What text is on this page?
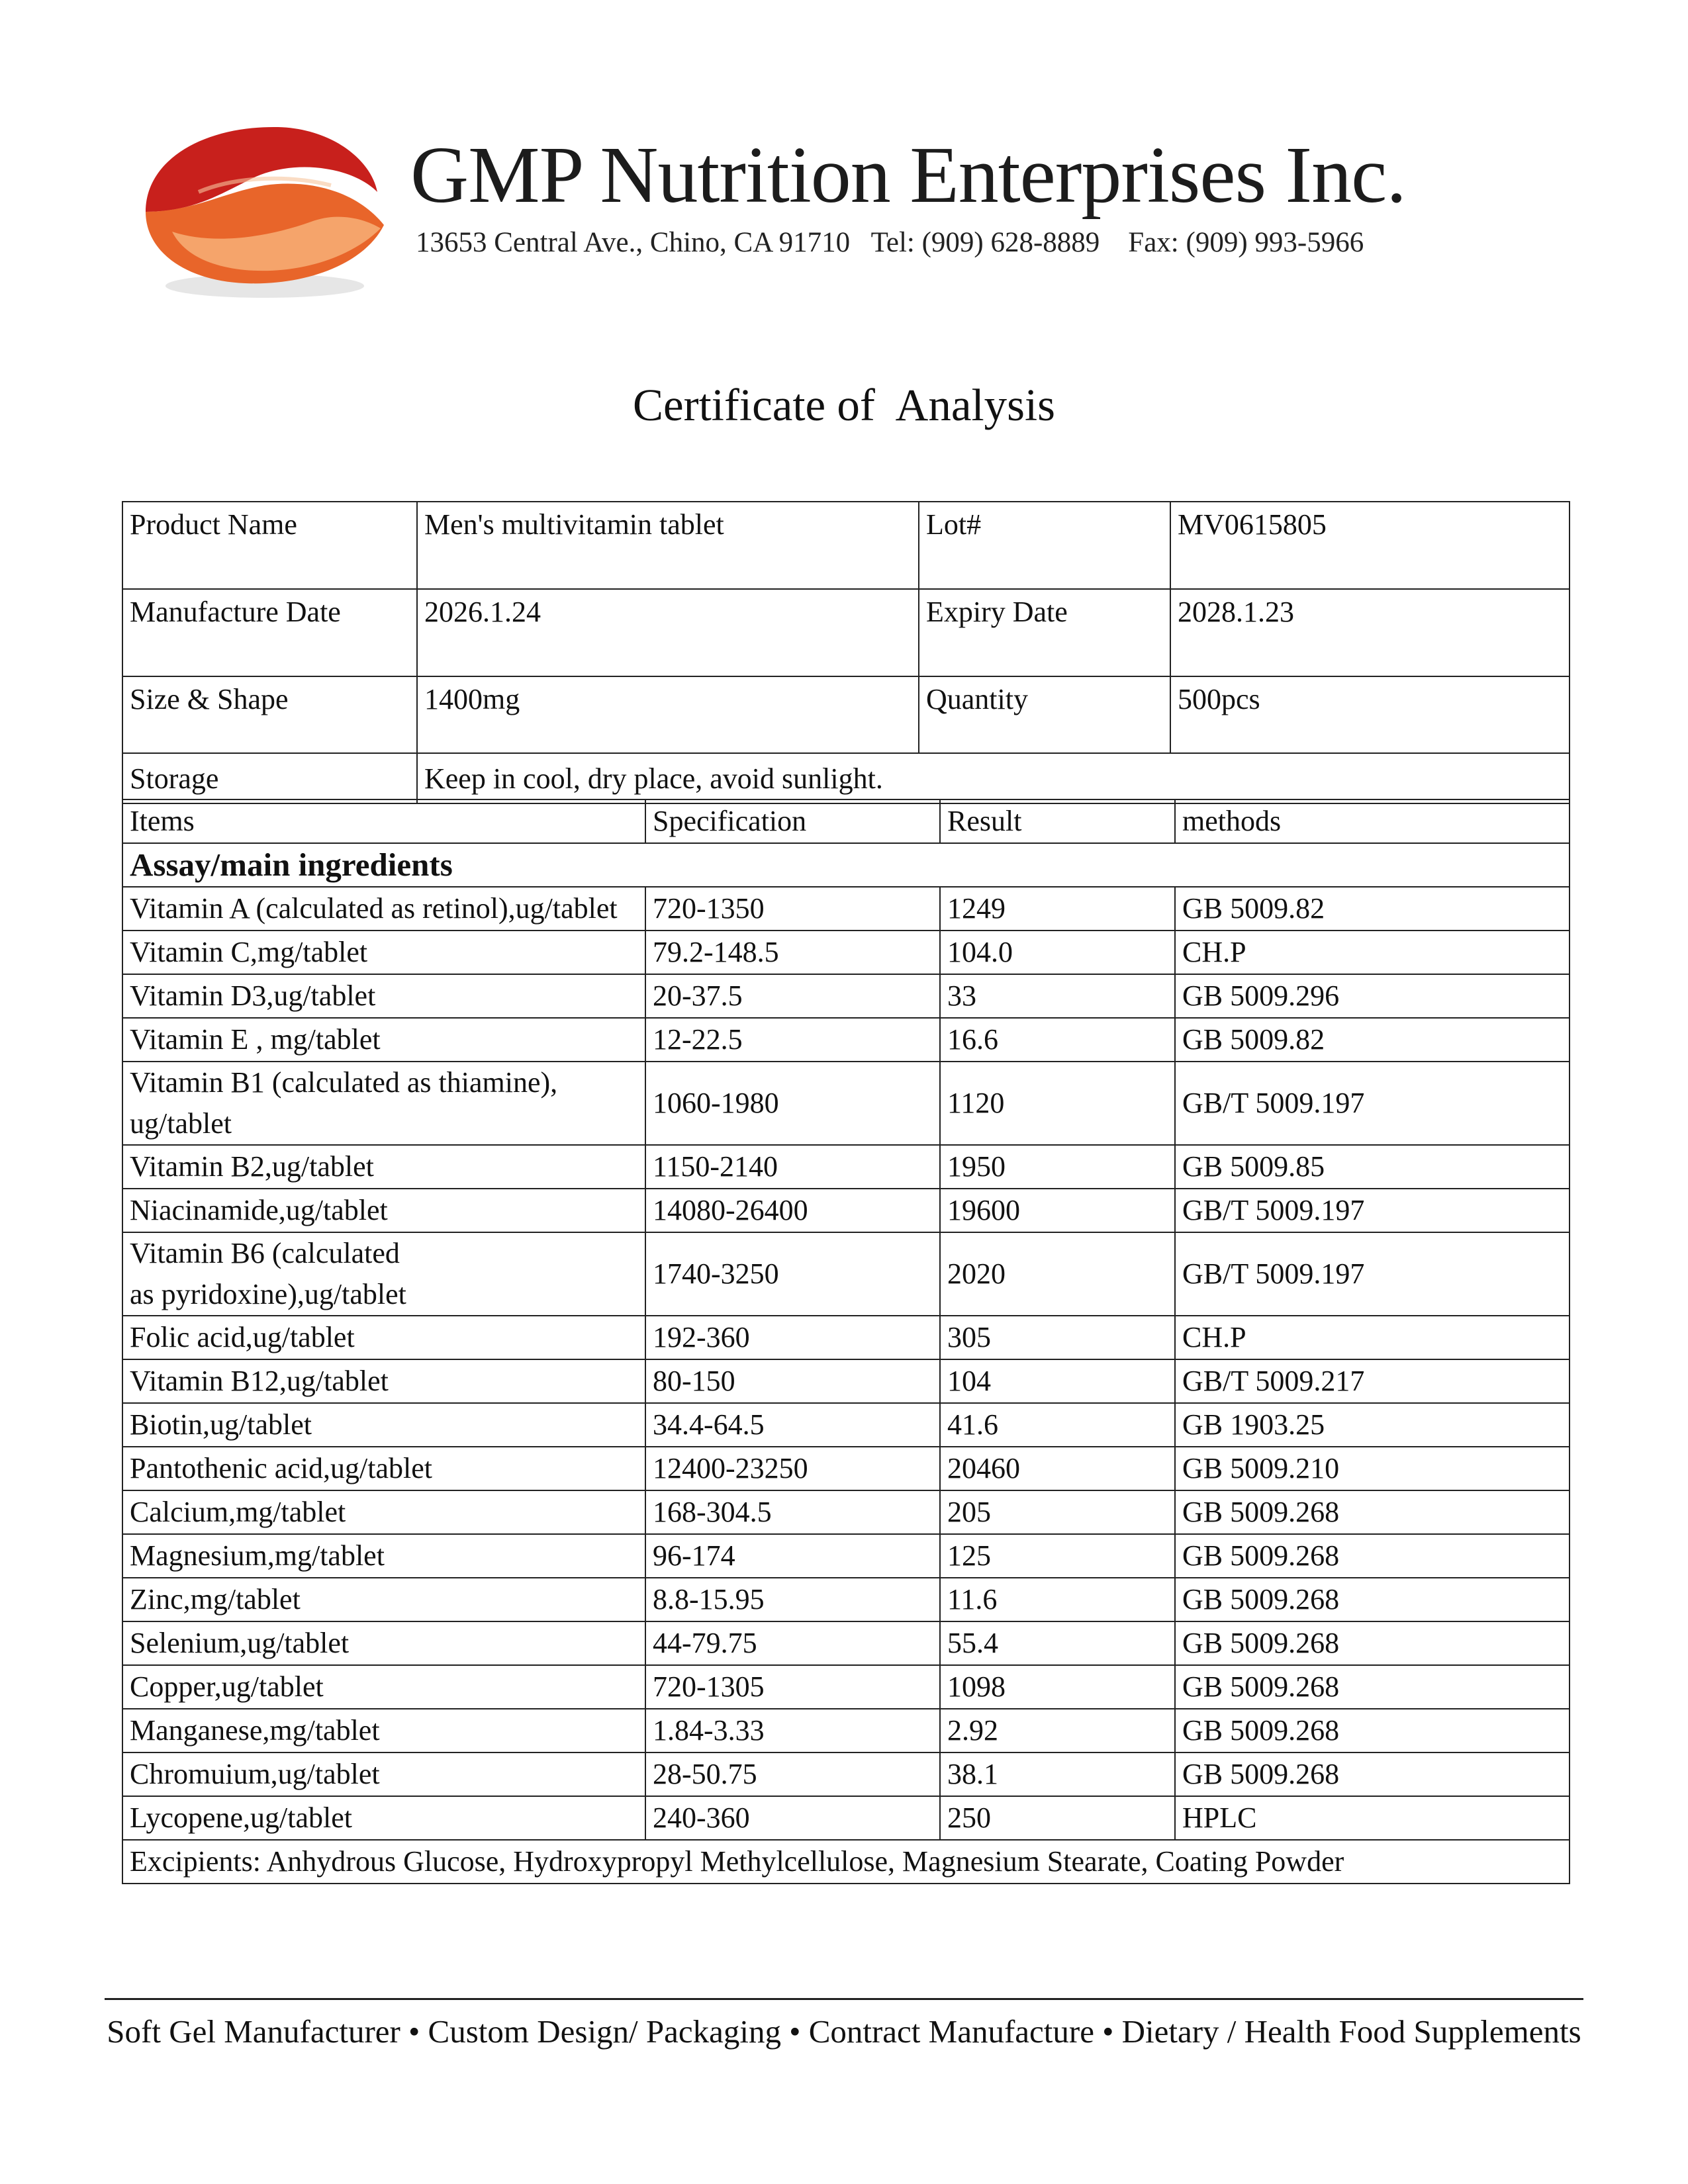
GMP Nutrition Enterprises Inc.
13653 Central Ave., Chino, CA 91710   Tel: (909) 628-8889    Fax: (909) 993-5966
Certificate of  Analysis
Product Name	Men's multivitamin tablet	Lot#	MV0615805
Manufacture Date	2026.1.24	Expiry Date	2028.1.23
Size & Shape	1400mg	Quantity	500pcs
Storage	Keep in cool, dry place, avoid sunlight.		
Items	Specification	Result	methods
Assay/main ingredients			
Vitamin A (calculated as retinol),ug/tablet	720-1350	1249	GB 5009.82
Vitamin C,mg/tablet	79.2-148.5	104.0	CH.P
Vitamin D3,ug/tablet	20-37.5	33	GB 5009.296
Vitamin E , mg/tablet	12-22.5	16.6	GB 5009.82

Vitamin B1 (calculated as thiamine),
ug/tablet	1060-1980	1120	GB/T 5009.197
Vitamin B2,ug/tablet	1150-2140	1950	GB 5009.85
Niacinamide,ug/tablet	14080-26400	19600	GB/T 5009.197

Vitamin B6 (calculated
as pyridoxine),ug/tablet	1740-3250	2020	GB/T 5009.197
Folic acid,ug/tablet	192-360	305	CH.P
Vitamin B12,ug/tablet	80-150	104	GB/T 5009.217
Biotin,ug/tablet	34.4-64.5	41.6	GB 1903.25
Pantothenic acid,ug/tablet	12400-23250	20460	GB 5009.210
Calcium,mg/tablet	168-304.5	205	GB 5009.268
Magnesium,mg/tablet	96-174	125	GB 5009.268
Zinc,mg/tablet	8.8-15.95	11.6	GB 5009.268
Selenium,ug/tablet	44-79.75	55.4	GB 5009.268
Copper,ug/tablet	720-1305	1098	GB 5009.268
Manganese,mg/tablet	1.84-3.33	2.92	GB 5009.268
Chromuium,ug/tablet	28-50.75	38.1	GB 5009.268
Lycopene,ug/tablet	240-360	250	HPLC
Excipients: Anhydrous Glucose, Hydroxypropyl Methylcellulose, Magnesium Stearate, Coating Powder			
Soft Gel Manufacturer • Custom Design/ Packaging • Contract Manufacture • Dietary / Health Food Supplements
